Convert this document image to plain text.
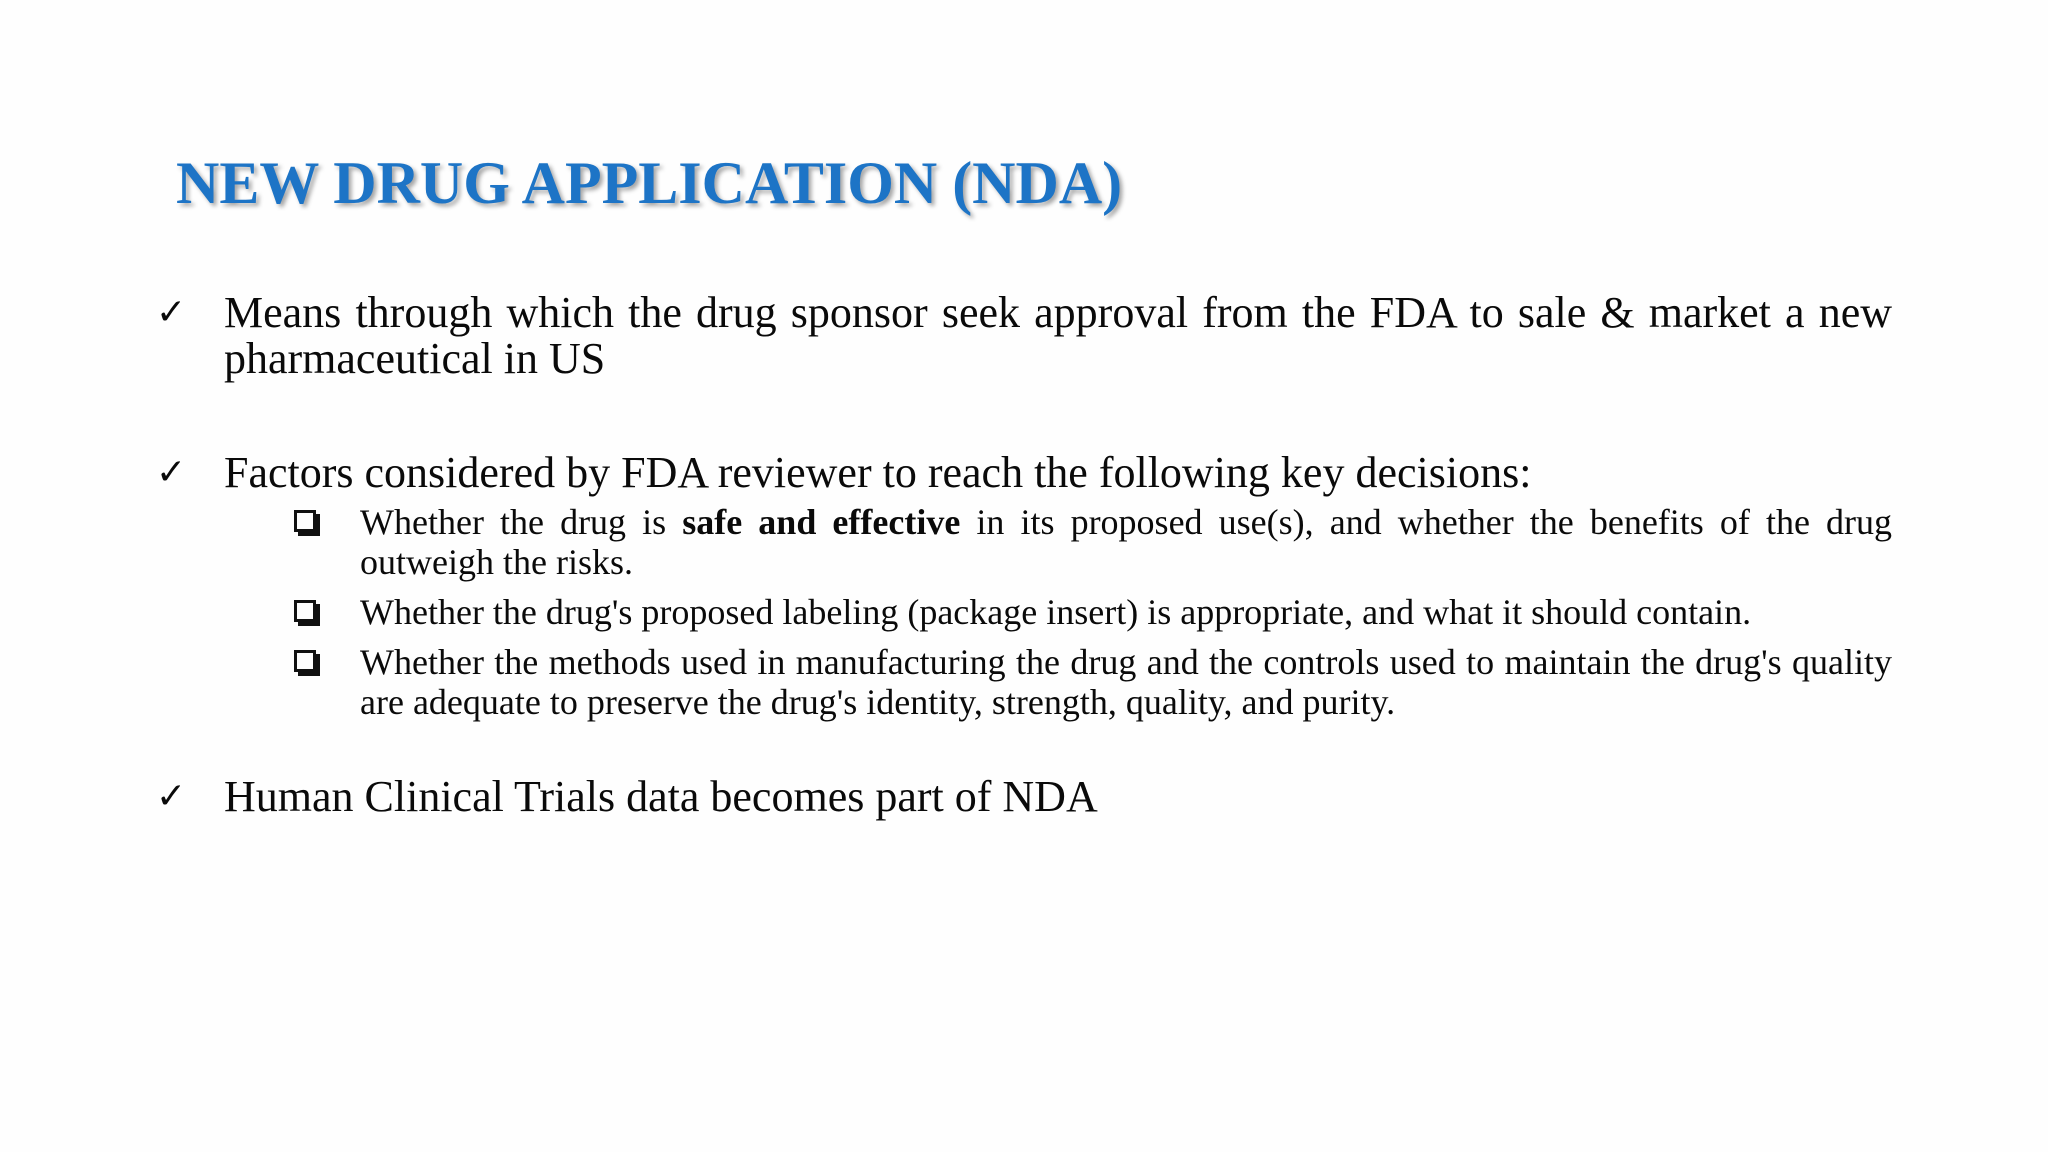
NEW DRUG APPLICATION (NDA)
✓ Means through which the drug sponsor seek approval from the FDA to sale & market a new pharmaceutical in US
✓ Factors considered by FDA reviewer to reach the following key decisions:
Whether the drug is safe and effective in its proposed use(s), and whether the benefits of the drug outweigh the risks.
Whether the drug's proposed labeling (package insert) is appropriate, and what it should contain.
Whether the methods used in manufacturing the drug and the controls used to maintain the drug's quality are adequate to preserve the drug's identity, strength, quality, and purity.
✓ Human Clinical Trials data becomes part of NDA
